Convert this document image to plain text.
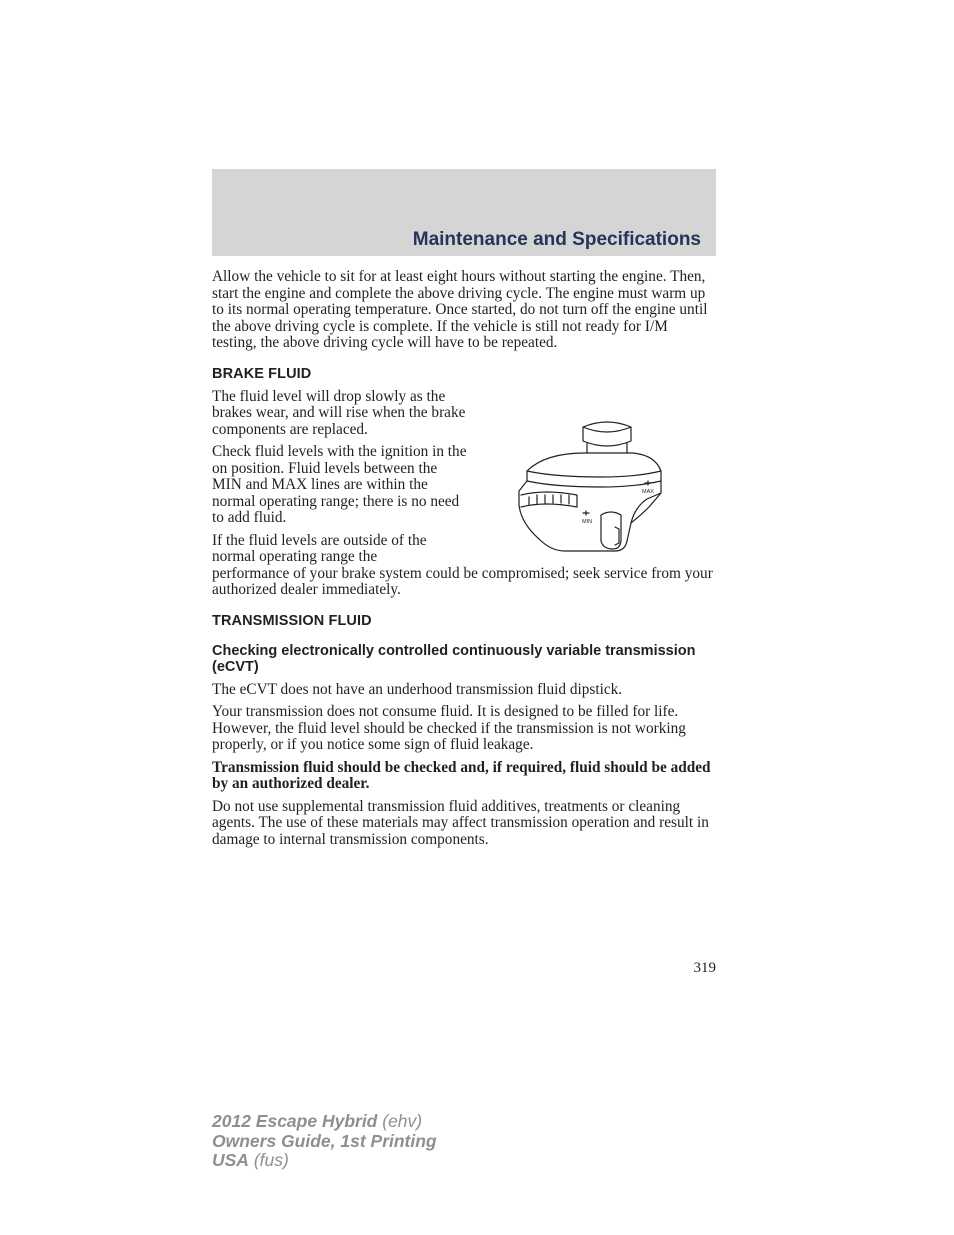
Maintenance and Specifications

Allow the vehicle to sit for at least eight hours without starting the engine. Then, start the engine and complete the above driving cycle. The engine must warm up to its normal operating temperature. Once started, do not turn off the engine until the above driving cycle is complete. If the vehicle is still not ready for I/M testing, the above driving cycle will have to be repeated.

BRAKE FLUID

The fluid level will drop slowly as the brakes wear, and will rise when the brake components are replaced.

Check fluid levels with the ignition in the on position. Fluid levels between the MIN and MAX lines are within the normal operating range; there is no need to add fluid.

If the fluid levels are outside of the normal operating range the

performance of your brake system could be compromised; seek service from your authorized dealer immediately.

TRANSMISSION FLUID
Checking electronically controlled continuously variable transmission (eCVT)

The eCVT does not have an underhood transmission fluid dipstick.

Your transmission does not consume fluid. It is designed to be filled for life. However, the fluid level should be checked if the transmission is not working properly, or if you notice some sign of fluid leakage.

Transmission fluid should be checked and, if required, fluid should be added by an authorized dealer.

Do not use supplemental transmission fluid additives, treatments or cleaning agents. The use of these materials may affect transmission operation and result in damage to internal transmission components.

MAX
MIN
319
2012 Escape Hybrid (ehv)
Owners Guide, 1st Printing
USA (fus)
